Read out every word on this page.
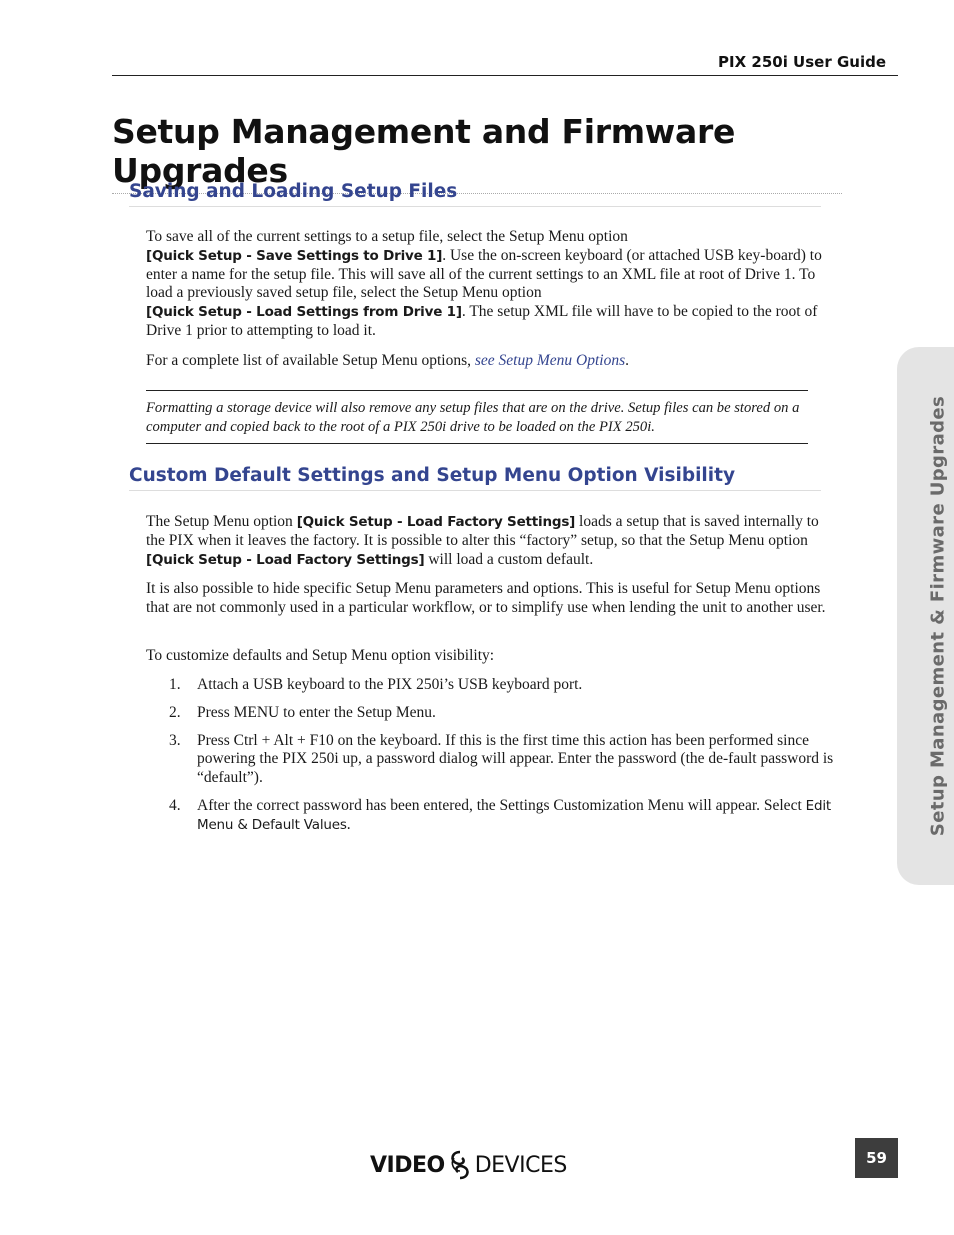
PIX 250i User Guide
Setup Management and Firmware Upgrades
Saving and Loading Setup Files

To save all of the current settings to a setup file, select the Setup Menu option
[Quick Setup - Save Settings to Drive 1]. Use the on-screen keyboard (or attached USB key-board) to enter a name for the setup file. This will save all of the current settings to an XML file at root of Drive 1. To load a previously saved setup file, select the Setup Menu option
[Quick Setup - Load Settings from Drive 1]. The setup XML file will have to be copied to the root of Drive 1 prior to attempting to load it.

For a complete list of available Setup Menu options, see Setup Menu Options.

Formatting a storage device will also remove any setup files that are on the drive. Setup files can be stored on a computer and copied back to the root of a PIX 250i drive to be loaded on the PIX 250i.

Custom Default Settings and Setup Menu Option Visibility

The Setup Menu option [Quick Setup - Load Factory Settings] loads a setup that is saved internally to the PIX when it leaves the factory. It is possible to alter this “factory” setup, so that the Setup Menu option [Quick Setup - Load Factory Settings] will load a custom default.

It is also possible to hide specific Setup Menu parameters and options. This is useful for Setup Menu options that are not commonly used in a particular workflow, or to simplify use when lending the unit to another user.

To customize defaults and Setup Menu option visibility:

1. Attach a USB keyboard to the PIX 250i’s USB keyboard port.
2. Press MENU to enter the Setup Menu.
3. Press Ctrl + Alt + F10 on the keyboard. If this is the first time this action has been performed since powering the PIX 250i up, a password dialog will appear. Enter the password (the de-fault password is “default”).
4. After the correct password has been entered, the Settings Customization Menu will appear. Select Edit Menu & Default Values.	Setup Management & Firmware Upgrades
VIDEO DEVICES	59
